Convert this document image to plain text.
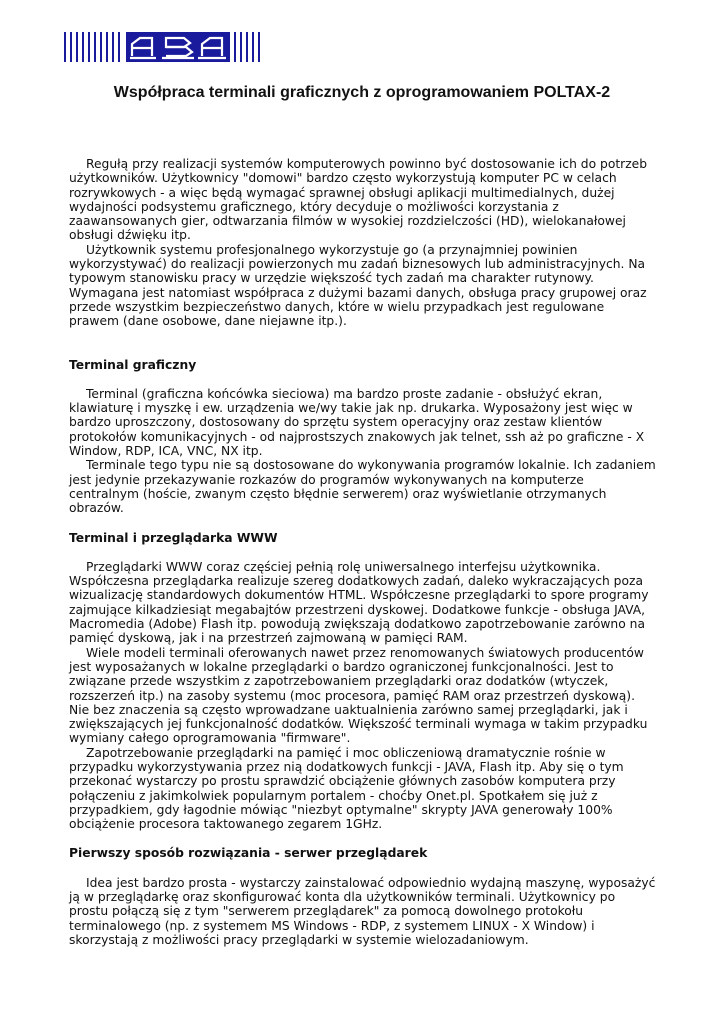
Współpraca terminali graficznych z oprogramowaniem POLTAX-2

Regułą przy realizacji systemów komputerowych powinno być dostosowanie ich do potrzeb użytkowników. Użytkownicy "domowi" bardzo często wykorzystują komputer PC w celach rozrywkowych - a więc będą wymagać sprawnej obsługi aplikacji multimedialnych, dużej wydajności podsystemu graficznego, który decyduje o możliwości korzystania z zaawansowanych gier, odtwarzania filmów w wysokiej rozdzielczości (HD), wielokanałowej obsługi dźwięku itp.

Użytkownik systemu profesjonalnego wykorzystuje go (a przynajmniej powinien wykorzystywać) do realizacji powierzonych mu zadań biznesowych lub administracyjnych. Na typowym stanowisku pracy w urzędzie większość tych zadań ma charakter rutynowy. Wymagana jest natomiast współpraca z dużymi bazami danych, obsługa pracy grupowej oraz przede wszystkim bezpieczeństwo danych, które w wielu przypadkach jest regulowane prawem (dane osobowe, dane niejawne itp.).

Terminal graficzny

Terminal (graficzna końcówka sieciowa) ma bardzo proste zadanie - obsłużyć ekran, klawiaturę i myszkę i ew. urządzenia we/wy takie jak np. drukarka. Wyposażony jest więc w bardzo uproszczony, dostosowany do sprzętu system operacyjny oraz zestaw klientów protokołów komunikacyjnych - od najprostszych znakowych jak telnet, ssh aż po graficzne - X Window, RDP, ICA, VNC, NX itp.

Terminale tego typu nie są dostosowane do wykonywania programów lokalnie. Ich zadaniem jest jedynie przekazywanie rozkazów do programów wykonywanych na komputerze centralnym (hoście, zwanym często błędnie serwerem) oraz wyświetlanie otrzymanych obrazów.

Terminal i przeglądarka WWW

Przeglądarki WWW coraz częściej pełnią rolę uniwersalnego interfejsu użytkownika. Współczesna przeglądarka realizuje szereg dodatkowych zadań, daleko wykraczających poza wizualizację standardowych dokumentów HTML. Współczesne przeglądarki to spore programy zajmujące kilkadziesiąt megabajtów przestrzeni dyskowej. Dodatkowe funkcje - obsługa JAVA, Macromedia (Adobe) Flash itp. powodują zwiększają dodatkowo zapotrzebowanie zarówno na pamięć dyskową, jak i na przestrzeń zajmowaną w pamięci RAM.

Wiele modeli terminali oferowanych nawet przez renomowanych światowych producentów jest wyposażanych w lokalne przeglądarki o bardzo ograniczonej funkcjonalności. Jest to związane przede wszystkim z zapotrzebowaniem przeglądarki oraz dodatków (wtyczek, rozszerzeń itp.) na zasoby systemu (moc procesora, pamięć RAM oraz przestrzeń dyskową). Nie bez znaczenia są często wprowadzane uaktualnienia zarówno samej przeglądarki, jak i zwiększających jej funkcjonalność dodatków. Większość terminali wymaga w takim przypadku wymiany całego oprogramowania "firmware".

Zapotrzebowanie przeglądarki na pamięć i moc obliczeniową dramatycznie rośnie w przypadku wykorzystywania przez nią dodatkowych funkcji - JAVA, Flash itp. Aby się o tym przekonać wystarczy po prostu sprawdzić obciążenie głównych zasobów komputera przy połączeniu z jakimkolwiek popularnym portalem - choćby Onet.pl. Spotkałem się już z przypadkiem, gdy łagodnie mówiąc "niezbyt optymalne" skrypty JAVA generowały 100% obciążenie procesora taktowanego zegarem 1GHz.

Pierwszy sposób rozwiązania - serwer przeglądarek

Idea jest bardzo prosta - wystarczy zainstalować odpowiednio wydajną maszynę, wyposażyć ją w przeglądarkę oraz skonfigurować konta dla użytkowników terminali. Użytkownicy po prostu połączą się z tym "serwerem przeglądarek" za pomocą dowolnego protokołu terminalowego (np. z systemem MS Windows - RDP, z systemem LINUX - X Window) i skorzystają z możliwości pracy przeglądarki w systemie wielozadaniowym.
